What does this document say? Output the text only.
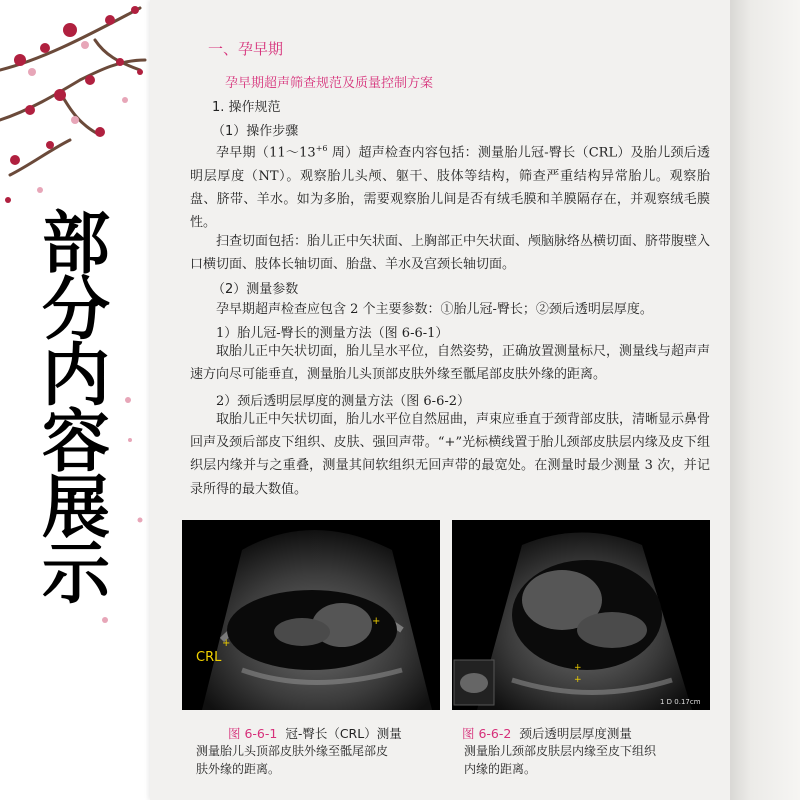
部分内容展示
一、孕早期
孕早期超声筛查规范及质量控制方案
1. 操作规范
（1）操作步骤
孕早期（$11\sim 13^{+6}$ 周）超声检查内容包括：测量胎儿冠-臀长（CRL）及胎儿颈后透明层厚度（NT）。观察胎儿头颅、躯干、肢体等结构，筛查严重结构异常胎儿。观察胎盘、脐带、羊水。如为多胎，需要观察胎儿间是否有绒毛膜和羊膜隔存在，并观察绒毛膜性。
扫查切面包括：胎儿正中矢状面、上胸部正中矢状面、颅脑脉络丛横切面、脐带腹壁入口横切面、肢体长轴切面、胎盘、羊水及宫颈长轴切面。
（2）测量参数
孕早期超声检查应包含 2 个主要参数：①胎儿冠-臀长；②颈后透明层厚度。
1）胎儿冠-臀长的测量方法（图 6-6-1）
取胎儿正中矢状切面，胎儿呈水平位，自然姿势，正确放置测量标尺，测量线与超声声速方向尽可能垂直，测量胎儿头顶部皮肤外缘至骶尾部皮肤外缘的距离。
2）颈后透明层厚度的测量方法（图 6-6-2）
取胎儿正中矢状切面，胎儿水平位自然屈曲，声束应垂直于颈背部皮肤，清晰显示鼻骨回声及颈后部皮下组织、皮肤、强回声带。“+”光标横线置于胎儿颈部皮肤层内缘及皮下组织层内缘并与之重叠，测量其间软组织无回声带的最宽处。在测量时最少测量 3 次，并记录所得的最大数值。
+
+
CRL
+
+
1 D 0.17cm
图 6-6-1 冠-臀长（CRL）测量
测量胎儿头顶部皮肤外缘至骶尾部皮
肤外缘的距离。
图 6-6-2 颈后透明层厚度测量
测量胎儿颈部皮肤层内缘至皮下组织
内缘的距离。
